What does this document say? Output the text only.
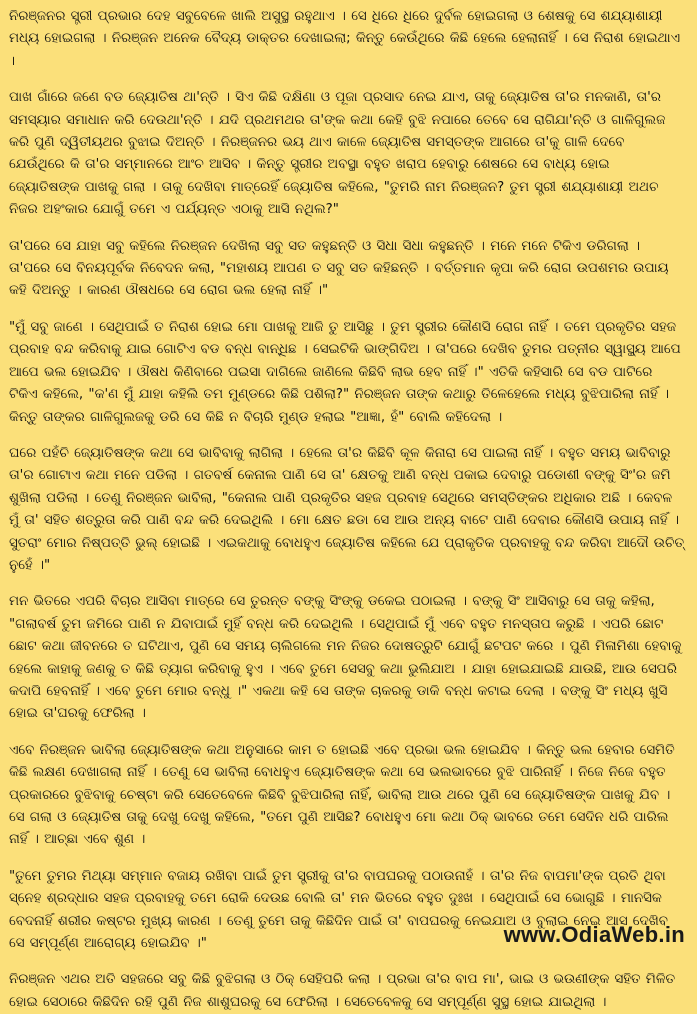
ନିରଞ୍ଜନର ସ୍ତ୍ରୀ ପ୍ରଭାର ଦେହ ସବୁବେଳେ ଖାଲି ଅସୁସ୍ଥ ରହୁଥାଏ । ସେ ଧିରେ ଧିରେ ଦୁର୍ବଳ ହୋଇଗଲା ଓ ଶେଷକୁ ସେ ଶଯ୍ୟାଶାୟୀ ମଧ୍ୟ ହୋଇଗଲା । ନିରଞ୍ଜନ ଅନେକ ବୈଦ୍ୟ ଡାକ୍ତର ଦେଖାଇଲା; କିନ୍ତୁ କେଉଁଥିରେ କିଛି ହେଲେ ହେଲାନାହିଁ । ସେ ନିରାଶ ହୋଇଥାଏ ।

ପାଖ ଗାଁରେ ଜଣେ ବଡ ଜ୍ୟୋତିଷ ଥା'ନ୍ତି । ସିଏ କିଛି ଦକ୍ଷିଣା ଓ ପୂଜା ପ୍ରସାଦ ନେଇ ଯାଏ, ତାକୁ ଜ୍ୟୋତିଷ ତା'ର ମନକାଣି, ତା'ର ସମସ୍ୟାର ସମାଧାନ କରି ଦେଉଥା'ନ୍ତି । ଯଦି ପ୍ରଥମଥର ତା'ଙ୍କ କଥା କେହି ବୁଝି ନପାରେ ତେବେ ସେ ରାଗିଯା'ନ୍ତି ଓ ଗାଳିଗୁଲଜ କରି ପୁଣି ଦ୍ୱିତୀୟଥର ବୁଝାଇ ଦିଅନ୍ତି । ନିରଞ୍ଜନର ଭୟ ଥାଏ କାଳେ ଜ୍ୟୋତିଷ ସମସ୍ତଙ୍କ ଆଗରେ ତା'କୁ ଗାଳି ଦେବେ ଯେଉଁଥିରେ କି ତା'ର ସମ୍ମାନରେ ଆଂଚ ଆସିବ । କିନ୍ତୁ ସ୍ତ୍ରୀର ଅବସ୍ଥା ବହୁତ ଖରାପ ହେବାରୁ ଶେଷରେ ସେ ବାଧ୍ୟ ହୋଇ ଜ୍ୟୋତିଷଙ୍କ ପାଖକୁ ଗଲା । ତାକୁ ଦେଖିବା ମାତ୍ରେହିଁ ଜ୍ୟୋତିଷ କହିଲେ, "ତୁମରି ନାମ ନିରଞ୍ଜନ? ତୁମ ସ୍ତ୍ରୀ ଶଯ୍ୟାଶାୟୀ ଅଥଚ ନିଜର ଅହଂକାର ଯୋଗୁଁ ତମେ ଏ ପର୍ଯ୍ୟନ୍ତ ଏଠାକୁ ଆସି ନଥିଲ?"

ତା'ପରେ ସେ ଯାହା ସବୁ କହିଲେ ନିରଞ୍ଜନ ଦେଖିଲା ସବୁ ସତ କହୁଛନ୍ତି ଓ ସିଧା ସିଧା କହୁଛନ୍ତି । ମନେ ମନେ ଟିକିଏ ଡରିଗଲା । ତା'ପରେ ସେ ବିନୟପୂର୍ବକ ନିବେଦନ କଲା, "ମହାଶୟ ଆପଣ ତ ସବୁ ସତ କହିଛନ୍ତି । ବର୍ତ୍ତମାନ କୃପା କରି ରୋଗ ଉପଶମର ଉପାୟ କହି ଦିଅନ୍ତୁ । କାରଣ ଔଷଧରେ ସେ ରୋଗ ଭଲ ହେଲା ନାହିଁ ।"

"ମୁଁ ସବୁ ଜାଣେ । ସେଥିପାଇଁ ତ ନିରାଶ ହୋଇ ମୋ ପାଖକୁ ଆଜି ତୁ ଆସିଛୁ । ତୁମ ସ୍ତ୍ରୀର କୌଣସି ରୋଗ ନାହିଁ । ତମେ ପ୍ରକୃତିର ସହଜ ପ୍ରବାହ ବନ୍ଦ କରିବାକୁ ଯାଇ ଗୋଟିଏ ବଡ ବନ୍ଧ ବାନ୍ଧିଛ । ସେଇଟିକି ଭାଙ୍ଗିଦିଅ । ତା'ପରେ ଦେଖିବ ତୁମର ପତ୍ନୀର ସ୍ୱାସ୍ଥ୍ୟ ଆପେ ଆପେ ଭଲ ହୋଇଯିବ । ଔଷଧ କିଣିବାରେ ପଇସା ଦାଗିଲେ ଜାଣିଲେ କିଛିବି ଲାଭ ହେବ ନାହିଁ ।" ଏତିକି କହିସାରି ସେ ବଡ ପାଟିରେ ଟିକିଏ କହିଲେ, "କ'ଣ ମୁଁ ଯାହା କହିଲି ତମ ମୁଣ୍ଡରେ କିଛି ପଶିଲା?" ନିରଞ୍ଜନ ତାଙ୍କ କଥାରୁ ତିଳେହେଲେ ମଧ୍ୟ ବୁଝିପାରିଲା ନାହିଁ । କିନ୍ତୁ ତାଙ୍କର ଗାଳିଗୁଲଜକୁ ଡରି ସେ କିଛି ନ ବିଚାରି ମୁଣ୍ଡ ହଲାଇ "ଆଜ୍ଞା, ହଁ" ବୋଲି କହିଦେଲା ।

ଘରେ ପହଁଚି ଜ୍ୟୋତିଷଙ୍କ କଥା ସେ ଭାବିବାକୁ ଲାଗିଲା । ହେଲେ ତା'ର କିଛିବି କୂଳ କିନାରା ସେ ପାଇଲା ନାହିଁ । ବହୁତ ସମୟ ଭାବିବାରୁ ତା'ର ଗୋଟାଏ କଥା ମନେ ପଡିଲା । ଗତବର୍ଷ କେନାଲ ପାଣି ସେ ତା' କ୍ଷେତକୁ ଆଣି ବନ୍ଧ ପକାଇ ଦେବାରୁ ପଡୋଶୀ ବଙ୍କୁ ସିଂ'ର ଜମି ଶୁଖିଲା ପଡିଲା । ତେଣୁ ନିରଞ୍ଜନ ଭାବିଲା, "କେନାଲ ପାଣି ପ୍ରକୃତିର ସହଜ ପ୍ରବାହ ସେଥିରେ ସମସ୍ତିଙ୍କର ଅଧିକାର ଅଛି । କେବଳ ମୁଁ ତା' ସହିତ ଶତ୍ରୁତା କରି ପାଣି ବନ୍ଦ କରି ଦେଇଥିଲି । ମୋ କ୍ଷେତ ଛଡା ସେ ଆଉ ଅନ୍ୟ ବାଟେ ପାଣି ଦେବାର କୌଣସି ଉପାୟ ନାହିଁ । ସୁତରାଂ ମୋର ନିଷ୍ପତ୍ତି ଭୁଲ୍ ହୋଇଛି । ଏଇକଥାକୁ ବୋଧହୁଏ ଜ୍ୟୋତିଷ କହିଲେ ଯେ ପ୍ରାକୃତିକ ପ୍ରବାହକୁ ବନ୍ଦ କରିବା ଆଦୌ ଉଚିତ୍ ନୁହେଁ ।"

ମନ ଭିତରେ ଏପରି ବିଚାର ଆସିବା ମାତ୍ରେ ସେ ତୁରନ୍ତ ବଙ୍କୁ ସିଂଙ୍କୁ ଡକେଇ ପଠାଇଲା । ବଙ୍କୁ ସିଂ ଆସିବାରୁ ସେ ତାକୁ କହିଲା, "ଗଲାବର୍ଷ ତୁମ ଜମିରେ ପାଣି ନ ଯିବାପାଇଁ ମୁହିଁ ବନ୍ଧ କରି ଦେଇଥିଲି । ସେଥିପାଇଁ ମୁଁ ଏବେ ବହୁତ ମନସ୍ତାପ କରୁଛି । ଏପରି ଛୋଟ ଛୋଟ କଥା ଜୀବନରେ ତ ଘଟିଥାଏ, ପୁଣି ସେ ସମୟ ଚାଲିଗଲେ ମନ ନିଜର ଦୋଷତ୍ରୁଟି ଯୋଗୁଁ ଛଟପଟ କରେ । ପୁଣି ମିଳାମିଶା ହେବାକୁ ହେଲେ କାହାକୁ ଜଣକୁ ତ କିଛି ତ୍ୟାଗ କରିବାକୁ ହୁଏ । ଏବେ ତୁମେ ସେସବୁ କଥା ଭୁଲିଯାଅ । ଯାହା ହୋଇଯାଇଛି ଯାଉଛି, ଆଉ ସେପରି କଦାପି ହେବନାହିଁ । ଏବେ ତୁମେ ମୋର ବନ୍ଧୁ ।" ଏକଥା କହି ସେ ତାଙ୍କ ଚାକରକୁ ଡାକି ବନ୍ଧ କଟାଇ ଦେଲା । ବଙ୍କୁ ସିଂ ମଧ୍ୟ ଖୁସି ହୋଇ ତା'ଘରକୁ ଫେରିଲା ।

ଏବେ ନିରଞ୍ଜନ ଭାବିଲା ଜ୍ୟୋତିଷଙ୍କ କଥା ଅନୁସାରେ କାମ ତ ହୋଇଛି ଏବେ ପ୍ରଭା ଭଲ ହୋଇଯିବ । କିନ୍ତୁ ଭଲ ହେବାର ସେମିତି କିଛି ଲକ୍ଷଣ ଦେଖାଗଲା ନାହିଁ । ତେଣୁ ସେ ଭାବିଲା ବୋଧହୁଏ ଜ୍ୟୋତିଷଙ୍କ କଥା ସେ ଭଲଭାବରେ ବୁଝି ପାରିନାହିଁ । ନିଜେ ନିଜେ ବହୁତ ପ୍ରକାରରେ ବୁଝିବାକୁ ଚେଷ୍ଟା କରି ସେତେବେଳେ କିଛିବି ବୁଝିପାରିଲା ନାହିଁ, ଭାବିଲା ଆଉ ଥରେ ପୁଣି ସେ ଜ୍ୟୋତିଷଙ୍କ ପାଖକୁ ଯିବ । ସେ ଗଲା ଓ ଜ୍ୟୋତିଷ ତାକୁ ଦେଖୁ ଦେଖୁ କହିଲେ, "ତମେ ପୁଣି ଆସିଛ? ବୋଧହୁଏ ମୋ କଥା ଠିକ୍ ଭାବରେ ତମେ ସେଦିନ ଧରି ପାରିଲ ନାହିଁ । ଆଚ୍ଛା ଏବେ ଶୁଣ ।

"ତୁମେ ତୁମର ମିଥ୍ୟା ସମ୍ମାନ ବଜାୟ ରଖିବା ପାଇଁ ତୁମ ସ୍ତ୍ରୀକୁ ତା'ର ବାପଘରକୁ ପଠାଉନାହଁ । ତା'ର ନିଜ ବାପମା'ଙ୍କ ପ୍ରତି ଥିବା ସ୍ନେହ ଶ୍ରଦ୍ଧାର ସହଜ ପ୍ରବାହକୁ ତମେ ରୋକି ଦେଉଛ ବୋଲି ତା' ମନ ଭିତରେ ବହୁତ ଦୁଃଖ । ସେଥିପାଇଁ ସେ ଭୋଗୁଛି । ମାନସିକ ବେଦନାହିଁ ଶରୀର କଷ୍ଟର ମୁଖ୍ୟ କାରଣ । ତେଣୁ ତୁମେ ତାକୁ କିଛିଦିନ ପାଇଁ ତା' ବାପଘରକୁ ନେଇଯାଅ ଓ ବୁଲାଇ ନେଇ ଆସ ଦେଖିବ ସେ ସମ୍ପୂର୍ଣ୍ଣ ଆରୋଗ୍ୟ ହୋଇଯିବ ।"

ନିରଞ୍ଜନ ଏଥର ଅତି ସହଜରେ ସବୁ କିଛି ବୁଝିଗଲା ଓ ଠିକ୍ ସେହିପରି କଲା । ପ୍ରଭା ତା'ର ବାପ ମା', ଭାଇ ଓ ଭଉଣୀଙ୍କ ସହିତ ମିଳିତ ହୋଇ ସେଠାରେ କିଛିଦିନ ରହି ପୁଣି ନିଜ ଶାଶୁଘରକୁ ସେ ଫେରିଲା । ସେତେବେଳକୁ ସେ ସମ୍ପୂର୍ଣ୍ଣ ସୁସ୍ଥ ହୋଇ ଯାଇଥିଲା ।

www.OdiaWeb.in
